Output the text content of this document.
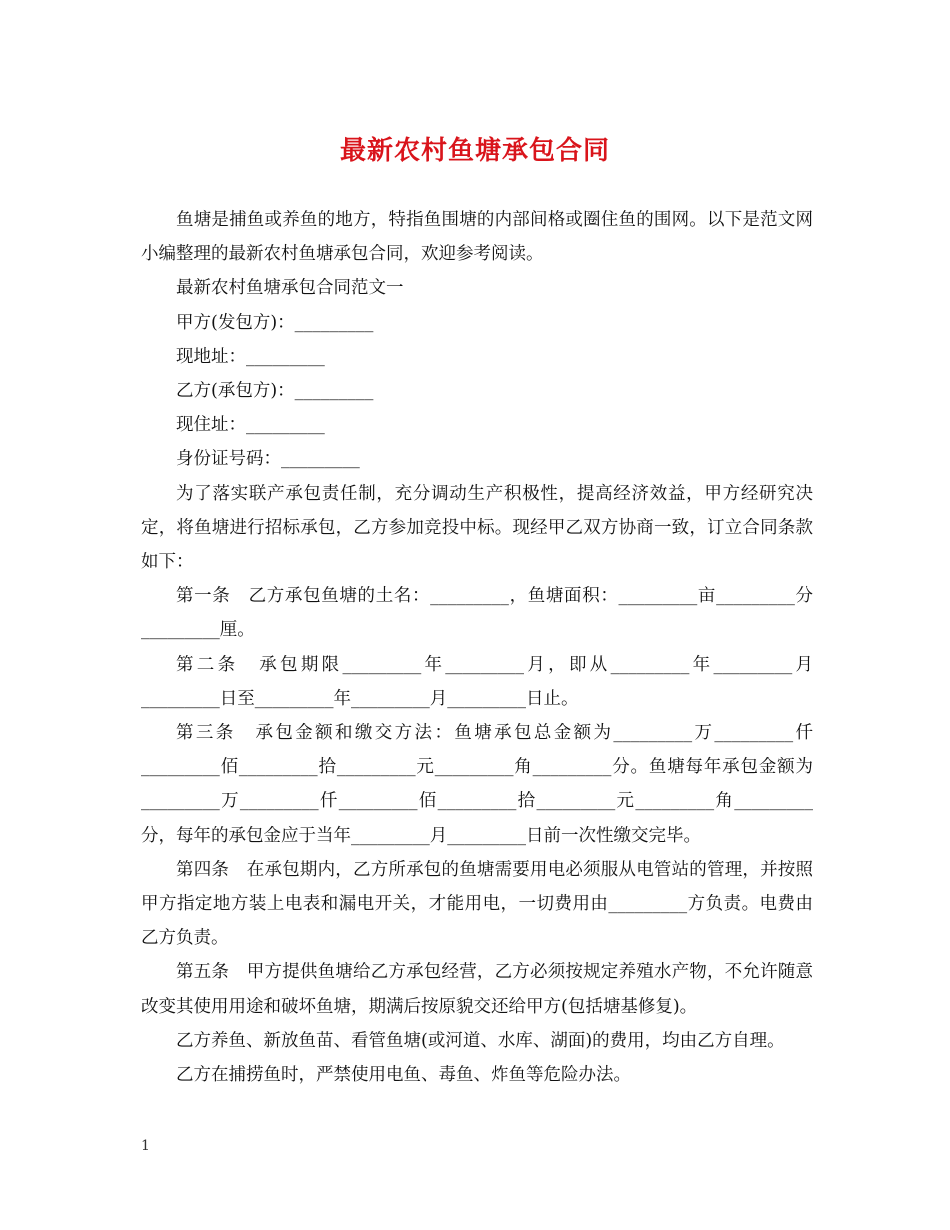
最新农村鱼塘承包合同

鱼塘是捕鱼或养鱼的地方，特指鱼围塘的内部间格或圈住鱼的围网。以下是范文网小编整理的最新农村鱼塘承包合同，欢迎参考阅读。

最新农村鱼塘承包合同范文一

甲方(发包方)：_________

现地址：_________

乙方(承包方)：_________

现住址：_________

身份证号码：_________

为了落实联产承包责任制，充分调动生产积极性，提高经济效益，甲方经研究决定，将鱼塘进行招标承包，乙方参加竞投中标。现经甲乙双方协商一致，订立合同条款如下：

第一条　乙方承包鱼塘的土名：_________，鱼塘面积：_________亩_________分_________厘。

第二条　承包期限_________年_________月，即从_________年_________月_________日至_________年_________月_________日止。

第三条　承包金额和缴交方法：鱼塘承包总金额为_________万_________仟_________佰_________拾_________元_________角_________分。鱼塘每年承包金额为_________万_________仟_________佰_________拾_________元_________角_________分，每年的承包金应于当年_________月_________日前一次性缴交完毕。

第四条　在承包期内，乙方所承包的鱼塘需要用电必须服从电管站的管理，并按照甲方指定地方装上电表和漏电开关，才能用电，一切费用由_________方负责。电费由乙方负责。

第五条　甲方提供鱼塘给乙方承包经营，乙方必须按规定养殖水产物，不允许随意改变其使用用途和破坏鱼塘，期满后按原貌交还给甲方(包括塘基修复)。

乙方养鱼、新放鱼苗、看管鱼塘(或河道、水库、湖面)的费用，均由乙方自理。

乙方在捕捞鱼时，严禁使用电鱼、毒鱼、炸鱼等危险办法。

1
